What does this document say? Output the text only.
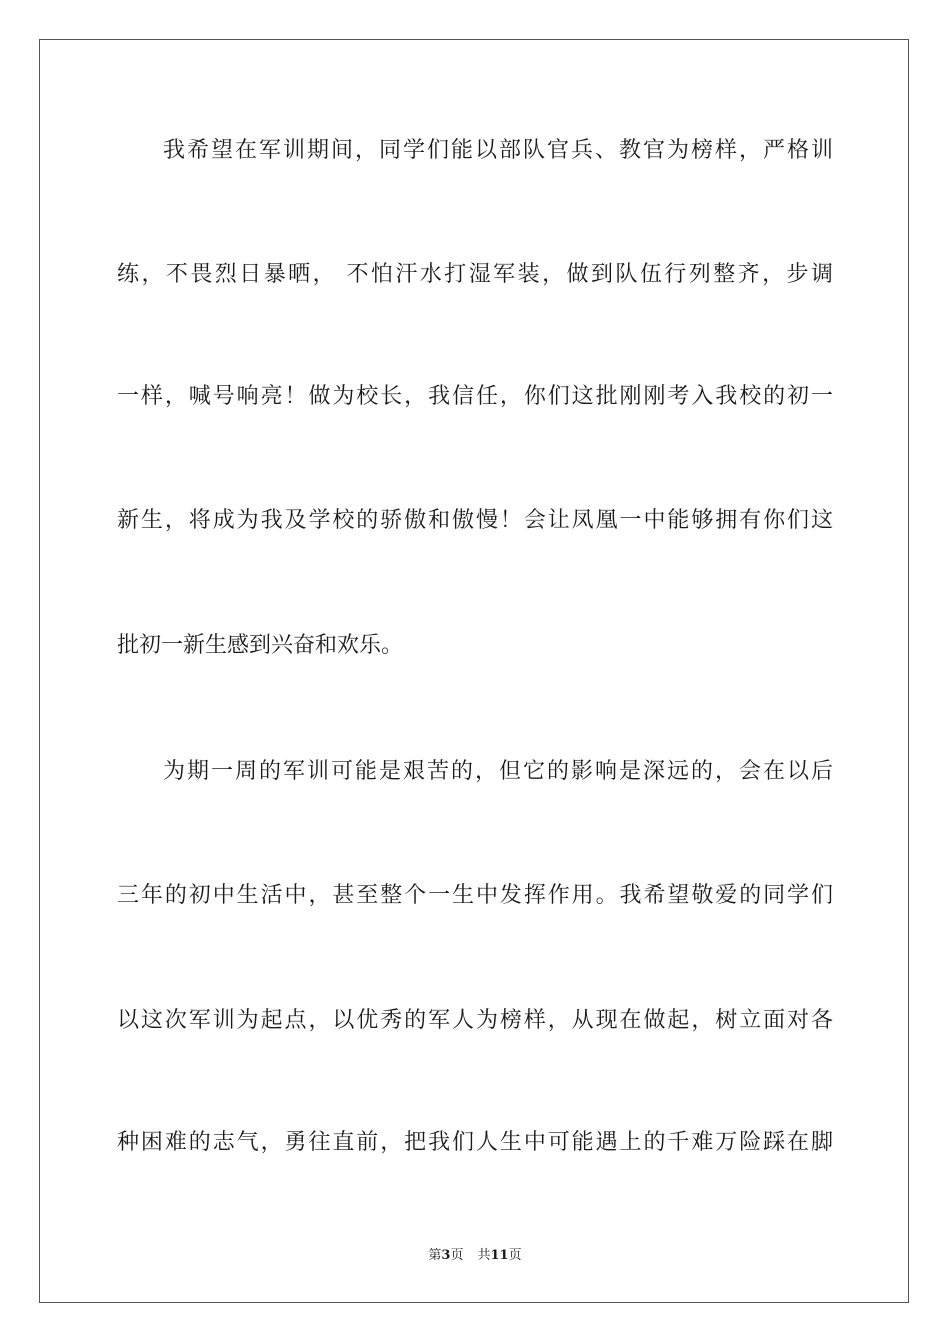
我希望在军训期间，同学们能以部队官兵、教官为榜样，严格训
练，不畏烈日暴晒， 不怕汗水打湿军装，做到队伍行列整齐，步调
一样，喊号响亮！做为校长，我信任，你们这批刚刚考入我校的初一
新生，将成为我及学校的骄傲和傲慢！会让凤凰一中能够拥有你们这
批初一新生感到兴奋和欢乐。
为期一周的军训可能是艰苦的，但它的影响是深远的，会在以后
三年的初中生活中，甚至整个一生中发挥作用。我希望敬爱的同学们
以这次军训为起点，以优秀的军人为榜样，从现在做起，树立面对各
种困难的志气，勇往直前，把我们人生中可能遇上的千难万险踩在脚
第3页 共11页
